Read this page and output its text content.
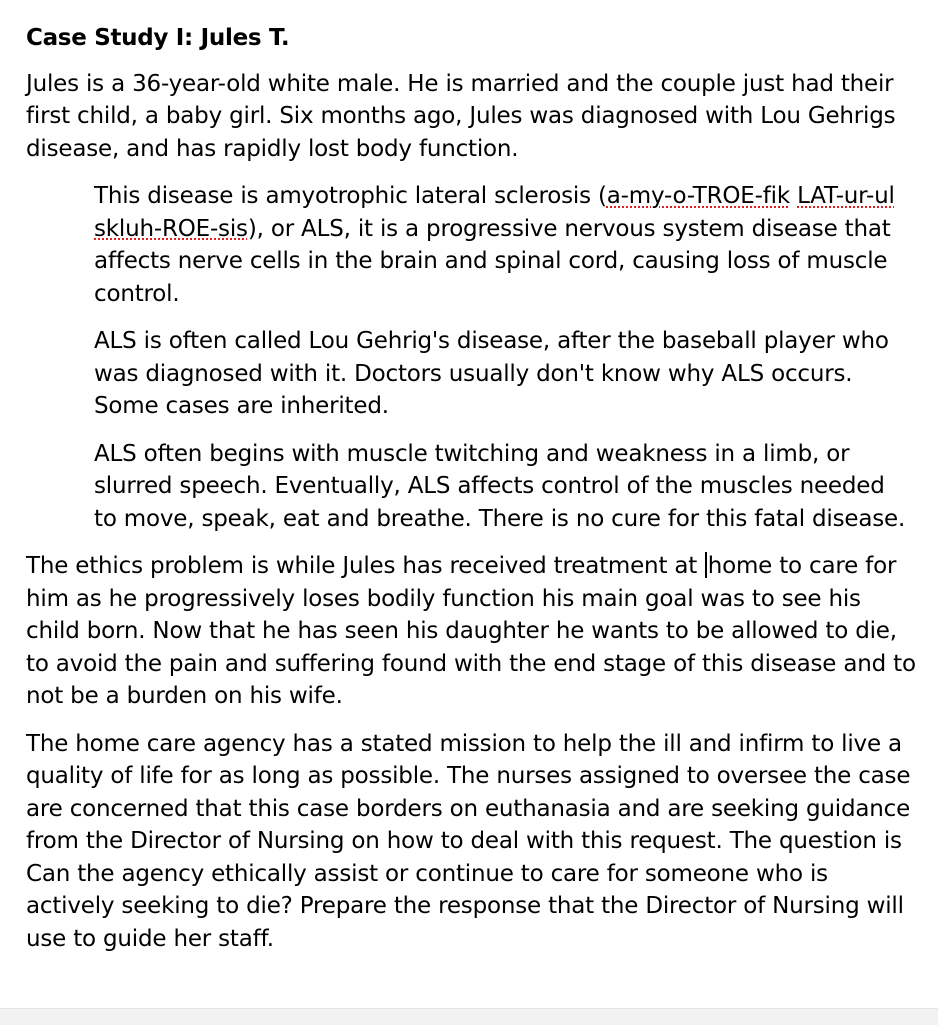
Case Study I: Jules T.

Jules is a 36-year-old white male. He is married and the couple just had their first child, a baby girl. Six months ago, Jules was diagnosed with Lou Gehrigs disease, and has rapidly lost body function.

This disease is amyotrophic lateral sclerosis (a-my-o-TROE-fik LAT-ur-ul skluh-ROE-sis), or ALS, it is a progressive nervous system disease that affects nerve cells in the brain and spinal cord, causing loss of muscle control.

ALS is often called Lou Gehrig's disease, after the baseball player who was diagnosed with it. Doctors usually don't know why ALS occurs. Some cases are inherited.

ALS often begins with muscle twitching and weakness in a limb, or slurred speech. Eventually, ALS affects control of the muscles needed to move, speak, eat and breathe. There is no cure for this fatal disease.

The ethics problem is while Jules has received treatment at home to care for him as he progressively loses bodily function his main goal was to see his child born. Now that he has seen his daughter he wants to be allowed to die, to avoid the pain and suffering found with the end stage of this disease and to not be a burden on his wife.

The home care agency has a stated mission to help the ill and infirm to live a quality of life for as long as possible. The nurses assigned to oversee the case are concerned that this case borders on euthanasia and are seeking guidance from the Director of Nursing on how to deal with this request. The question is Can the agency ethically assist or continue to care for someone who is actively seeking to die? Prepare the response that the Director of Nursing will use to guide her staff.
